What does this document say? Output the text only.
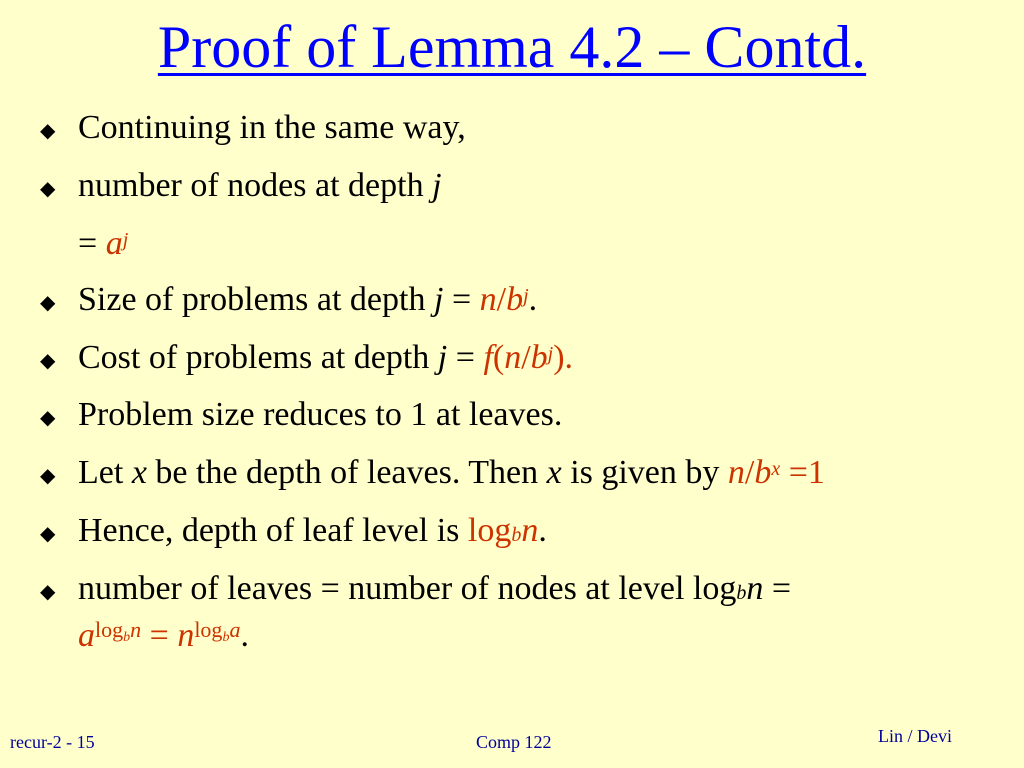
Proof of Lemma 4.2 – Contd.
◆ Continuing in the same way,
◆ number of nodes at depth j
= $a^j$
◆ Size of problems at depth $j = n/b^j$.
◆ Cost of problems at depth $j = f(n/b^j)$.
◆ Problem size reduces to 1 at leaves.
◆ Let x be the depth of leaves. Then x is given by $n/b^x =1$
◆ Hence, depth of leaf level is $\log_bn$.
◆ number of leaves = number of nodes at level $\log_bn$ =
$a^{logbn} = n^{logba}$.
recur-2 - 15	Comp 122	Lin / Devi
